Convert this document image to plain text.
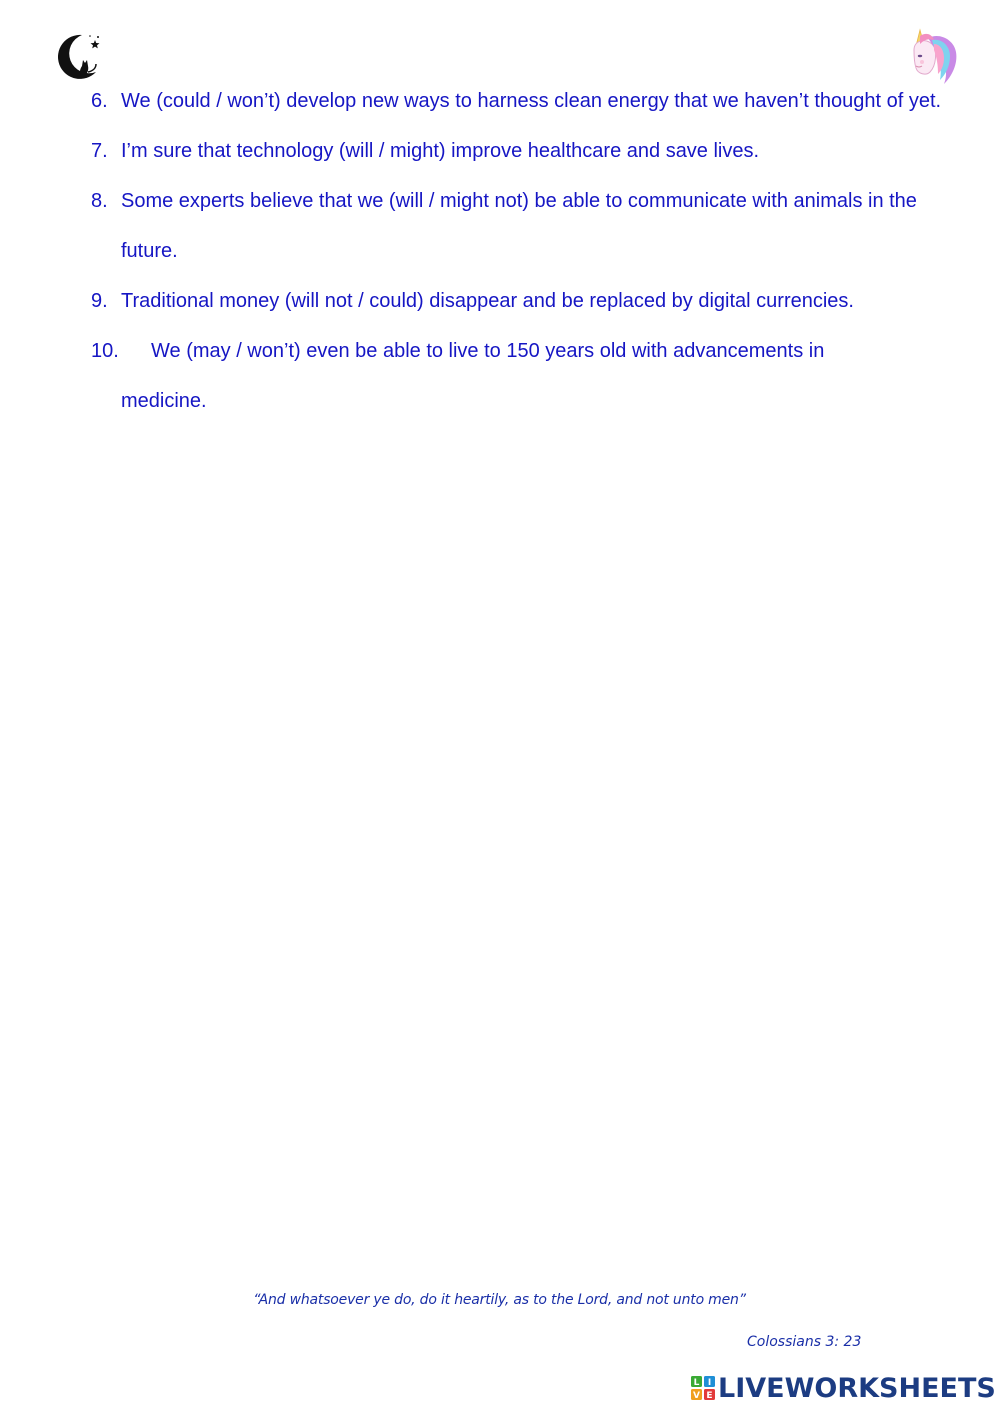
6. We (could / won’t) develop new ways to harness clean energy that we haven’t thought of yet.
7. I’m sure that technology (will / might) improve healthcare and save lives.
8. Some experts believe that we (will / might not) be able to communicate with animals in the future.
9. Traditional money (will not / could) disappear and be replaced by digital currencies.
10.	We (may / won’t) even be able to live to 150 years old with advancements in
medicine.
“And whatsoever ye do, do it heartily, as to the Lord, and not unto men”
Colossians 3: 23
L I
V E LIVEWORKSHEETS
